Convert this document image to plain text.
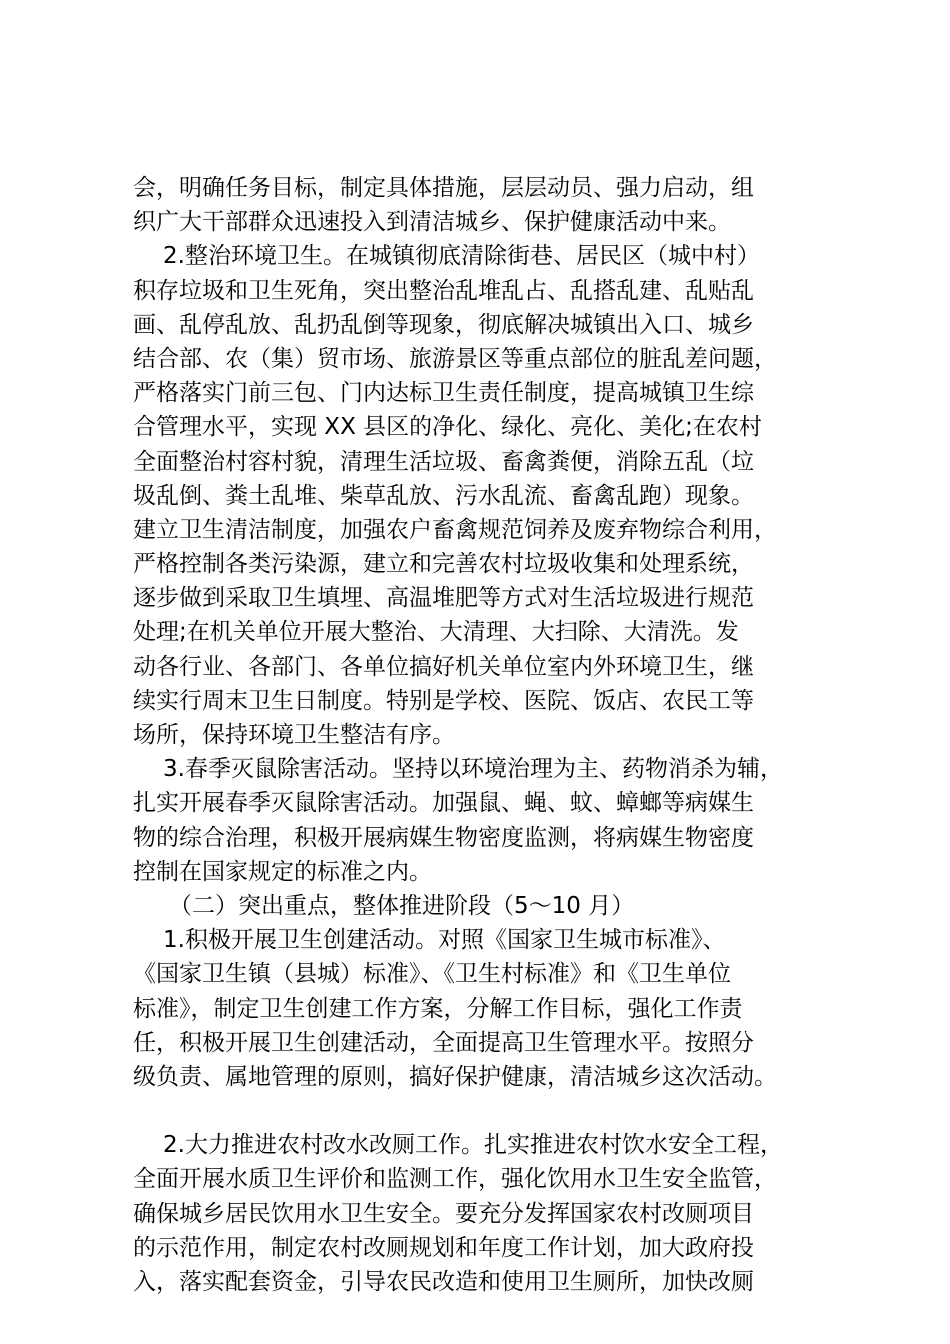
会，明确任务目标，制定具体措施，层层动员、强力启动，组
织广大干部群众迅速投入到清洁城乡、保护健康活动中来。
2.整治环境卫生。在城镇彻底清除街巷、居民区（城中村）
积存垃圾和卫生死角，突出整治乱堆乱占、乱搭乱建、乱贴乱
画、乱停乱放、乱扔乱倒等现象，彻底解决城镇出入口、城乡
结合部、农（集）贸市场、旅游景区等重点部位的脏乱差问题，
严格落实门前三包、门内达标卫生责任制度，提高城镇卫生综
合管理水平，实现 XX 县区的净化、绿化、亮化、美化;在农村
全面整治村容村貌，清理生活垃圾、畜禽粪便，消除五乱（垃
圾乱倒、粪土乱堆、柴草乱放、污水乱流、畜禽乱跑）现象。
建立卫生清洁制度，加强农户畜禽规范饲养及废弃物综合利用，
严格控制各类污染源，建立和完善农村垃圾收集和处理系统，
逐步做到采取卫生填埋、高温堆肥等方式对生活垃圾进行规范
处理;在机关单位开展大整治、大清理、大扫除、大清洗。发
动各行业、各部门、各单位搞好机关单位室内外环境卫生，继
续实行周末卫生日制度。特别是学校、医院、饭店、农民工等
场所，保持环境卫生整洁有序。
3.春季灭鼠除害活动。坚持以环境治理为主、药物消杀为辅，
扎实开展春季灭鼠除害活动。加强鼠、蝇、蚊、蟑螂等病媒生
物的综合治理，积极开展病媒生物密度监测，将病媒生物密度
控制在国家规定的标准之内。
（二）突出重点，整体推进阶段（5～10 月）
1.积极开展卫生创建活动。对照《国家卫生城市标准》、
《国家卫生镇（县城）标准》、《卫生村标准》和《卫生单位
标准》，制定卫生创建工作方案，分解工作目标，强化工作责
任，积极开展卫生创建活动，全面提高卫生管理水平。按照分
级负责、属地管理的原则，搞好保护健康，清洁城乡这次活动。
2.大力推进农村改水改厕工作。扎实推进农村饮水安全工程，
全面开展水质卫生评价和监测工作，强化饮用水卫生安全监管，
确保城乡居民饮用水卫生安全。要充分发挥国家农村改厕项目
的示范作用，制定农村改厕规划和年度工作计划，加大政府投
入，落实配套资金，引导农民改造和使用卫生厕所，加快改厕
